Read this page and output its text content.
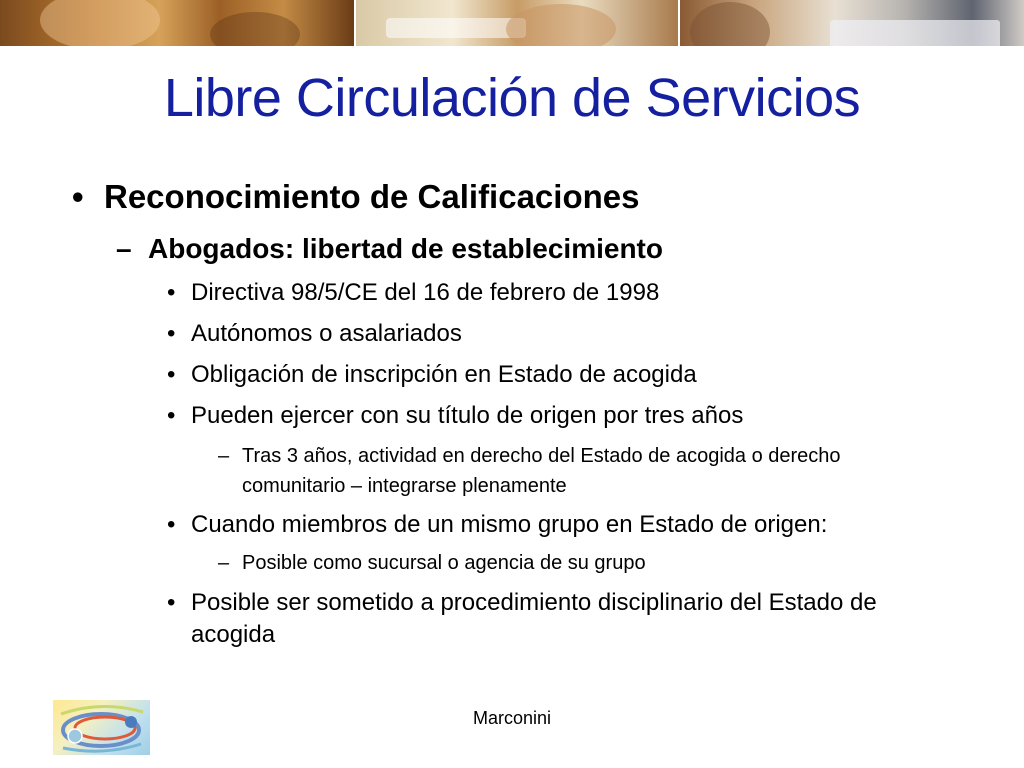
Libre Circulación de Servicios
• Reconocimiento de Calificaciones
– Abogados: libertad de establecimiento
• Directiva 98/5/CE del 16 de febrero de 1998
• Autónomos o asalariados
• Obligación de inscripción en Estado de acogida
• Pueden ejercer con su título de origen por tres años
– Tras 3 años, actividad en derecho del Estado de acogida o derecho comunitario – integrarse plenamente
• Cuando miembros de un mismo grupo en Estado de origen:
– Posible como sucursal o agencia de su grupo
• Posible ser sometido a procedimiento disciplinario del Estado de acogida
Marconini
